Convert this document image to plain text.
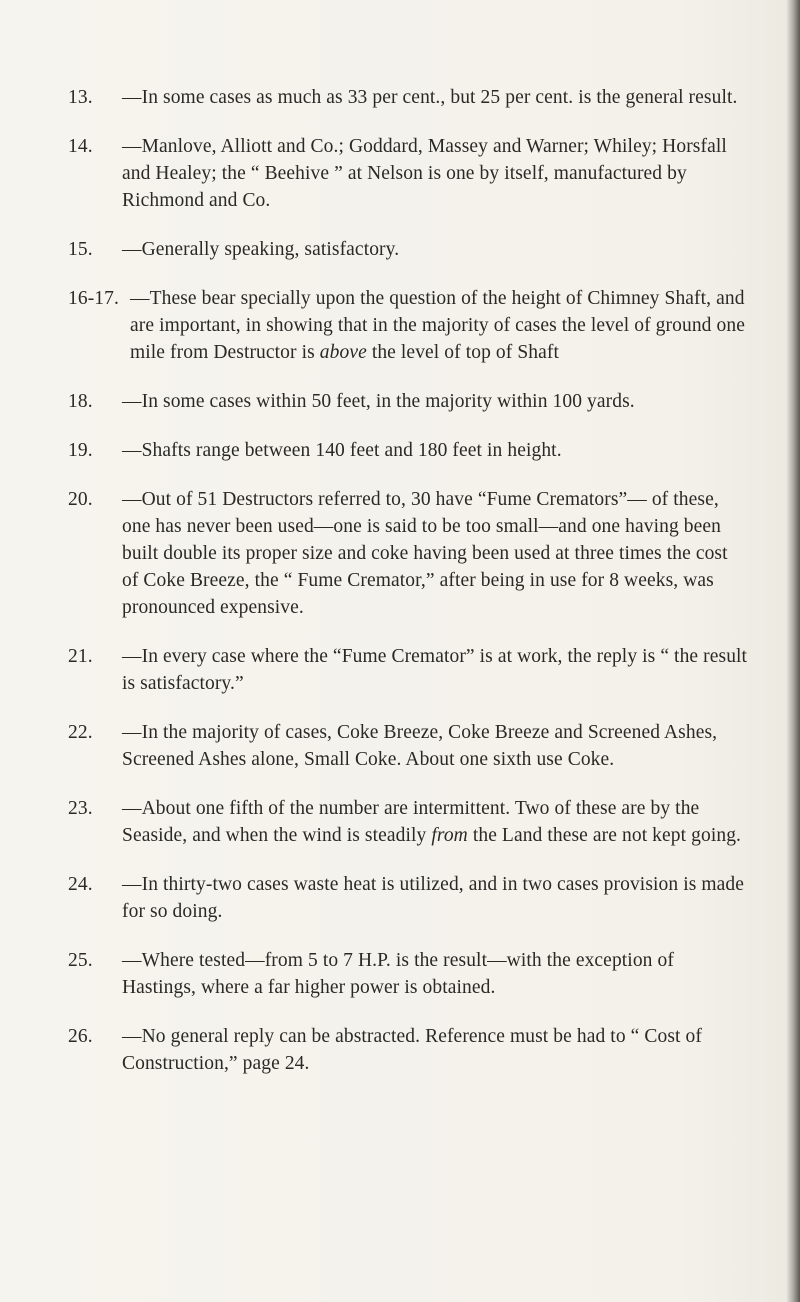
13. —In some cases as much as 33 per cent., but 25 per cent. is the general result.
14. —Manlove, Alliott and Co.; Goddard, Massey and Warner; Whiley; Horsfall and Healey; the “ Beehive ” at Nelson is one by itself, manufactured by Richmond and Co.
15. —Generally speaking, satisfactory.
16-17. —These bear specially upon the question of the height of Chimney Shaft, and are important, in showing that in the majority of cases the level of ground one mile from Destructor is above the level of top of Shaft
18. —In some cases within 50 feet, in the majority within 100 yards.
19. —Shafts range between 140 feet and 180 feet in height.
20. —Out of 51 Destructors referred to, 30 have “Fume Cremators”— of these, one has never been used—one is said to be too small—and one having been built double its proper size and coke having been used at three times the cost of Coke Breeze, the “ Fume Cremator,” after being in use for 8 weeks, was pronounced expensive.
21. —In every case where the “Fume Cremator” is at work, the reply is “ the result is satisfactory.”
22. —In the majority of cases, Coke Breeze, Coke Breeze and Screened Ashes, Screened Ashes alone, Small Coke. About one sixth use Coke.
23. —About one fifth of the number are intermittent. Two of these are by the Seaside, and when the wind is steadily from the Land these are not kept going.
24. —In thirty-two cases waste heat is utilized, and in two cases provision is made for so doing.
25. —Where tested—from 5 to 7 H.P. is the result—with the exception of Hastings, where a far higher power is obtained.
26. —No general reply can be abstracted. Reference must be had to “ Cost of Construction,” page 24.
